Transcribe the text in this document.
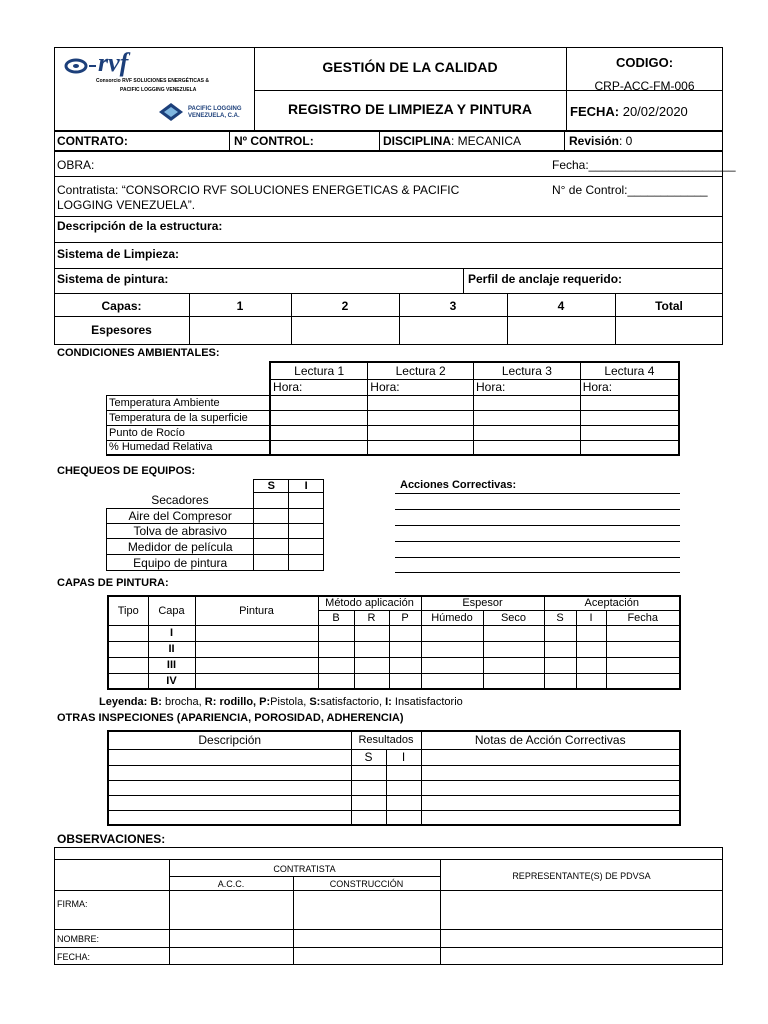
rvf
Consorcio RVF SOLUCIONES ENERGÉTICAS &
PACIFIC LOGGING VENEZUELA
PACIFIC LOGGING
VENEZUELA, C.A.
GESTIÓN DE LA CALIDAD
REGISTRO DE LIMPIEZA Y PINTURA
CODIGO:
CRP-ACC-FM-006
FECHA: 20/02/2020
CONTRATO:	Nº CONTROL:	DISCIPLINA: MECANICA	Revisión: 0
OBRA:	Fecha:______________________
Contratista: “CONSORCIO RVF SOLUCIONES ENERGETICAS & PACIFIC
LOGGING VENEZUELA”.
N° de Control:____________
Descripción de la estructura:
Sistema de Limpieza:
Sistema de pintura:	Perfil de anclaje requerido:
Capas:	1	2	3	4	Total
Espesores
CONDICIONES AMBIENTALES:
	Lectura 1	Lectura 2	Lectura 3	Lectura 4
	Hora:	Hora:	Hora:	Hora:
Temperatura Ambiente				
Temperatura de la superficie				
Punto de Rocío				
% Humedad Relativa				
CHEQUEOS DE EQUIPOS:
	S	I
Secadores		
Aire del Compresor		
Tolva de abrasivo		
Medidor de película		
Equipo de pintura		
Acciones Correctivas:
CAPAS DE PINTURA:
Tipo	Capa	Pintura	Método aplicación			Espesor		Aceptación		
			B	R	P	Húmedo	Seco	S	I	Fecha
	I									
	II									
	III									
	IV									
Leyenda: B: brocha, R: rodillo, P:Pistola, S:satisfactorio, I: Insatisfactorio
OTRAS INSPECIONES (APARIENCIA, POROSIDAD, ADHERENCIA)
Descripción	Resultados		Notas de Acción Correctivas
	S	I	

OBSERVACIONES:
CONTRATISTA
A.C.C.	CONSTRUCCIÓN
REPRESENTANTE(S) DE PDVSA
FIRMA:
NOMBRE:
FECHA:
